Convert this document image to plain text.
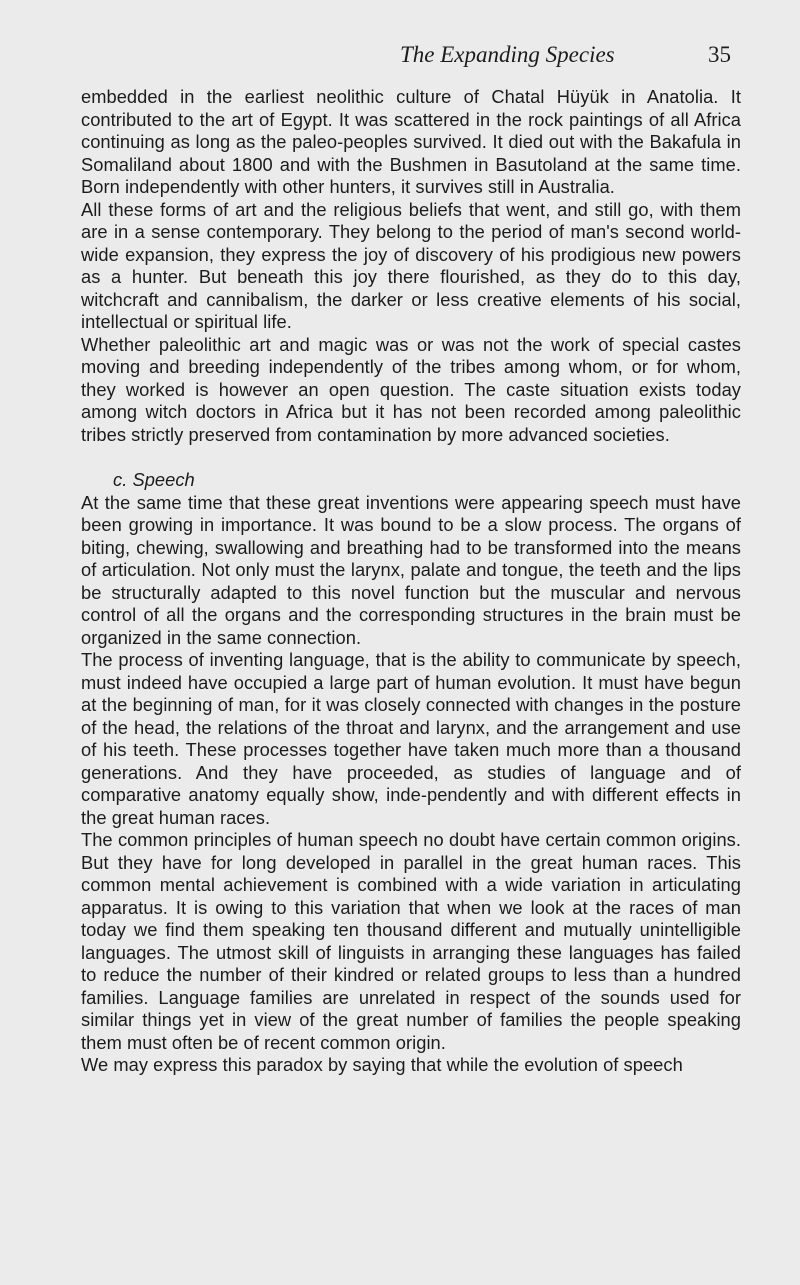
The Expanding Species	35

embedded in the earliest neolithic culture of Chatal Hüyük in Anatolia. It contributed to the art of Egypt. It was scattered in the rock paintings of all Africa continuing as long as the paleo-peoples survived. It died out with the Bakafula in Somaliland about 1800 and with the Bushmen in Basutoland at the same time. Born independently with other hunters, it survives still in Australia.

All these forms of art and the religious beliefs that went, and still go, with them are in a sense contemporary. They belong to the period of man's second world-wide expansion, they express the joy of discovery of his prodigious new powers as a hunter. But beneath this joy there flourished, as they do to this day, witchcraft and cannibalism, the darker or less creative elements of his social, intellectual or spiritual life.

Whether paleolithic art and magic was or was not the work of special castes moving and breeding independently of the tribes among whom, or for whom, they worked is however an open question. The caste situation exists today among witch doctors in Africa but it has not been recorded among paleolithic tribes strictly preserved from contamination by more advanced societies.

c. Speech

At the same time that these great inventions were appearing speech must have been growing in importance. It was bound to be a slow process. The organs of biting, chewing, swallowing and breathing had to be transformed into the means of articulation. Not only must the larynx, palate and tongue, the teeth and the lips be structurally adapted to this novel function but the muscular and nervous control of all the organs and the corresponding structures in the brain must be organized in the same connection.

The process of inventing language, that is the ability to communicate by speech, must indeed have occupied a large part of human evolution. It must have begun at the beginning of man, for it was closely connected with changes in the posture of the head, the relations of the throat and larynx, and the arrangement and use of his teeth. These processes together have taken much more than a thousand generations. And they have proceeded, as studies of language and of comparative anatomy equally show, inde-pendently and with different effects in the great human races.

The common principles of human speech no doubt have certain common origins. But they have for long developed in parallel in the great human races. This common mental achievement is combined with a wide variation in articulating apparatus. It is owing to this variation that when we look at the races of man today we find them speaking ten thousand different and mutually unintelligible languages. The utmost skill of linguists in arranging these languages has failed to reduce the number of their kindred or related groups to less than a hundred families. Language families are unrelated in respect of the sounds used for similar things yet in view of the great number of families the people speaking them must often be of recent common origin.

We may express this paradox by saying that while the evolution of speech
